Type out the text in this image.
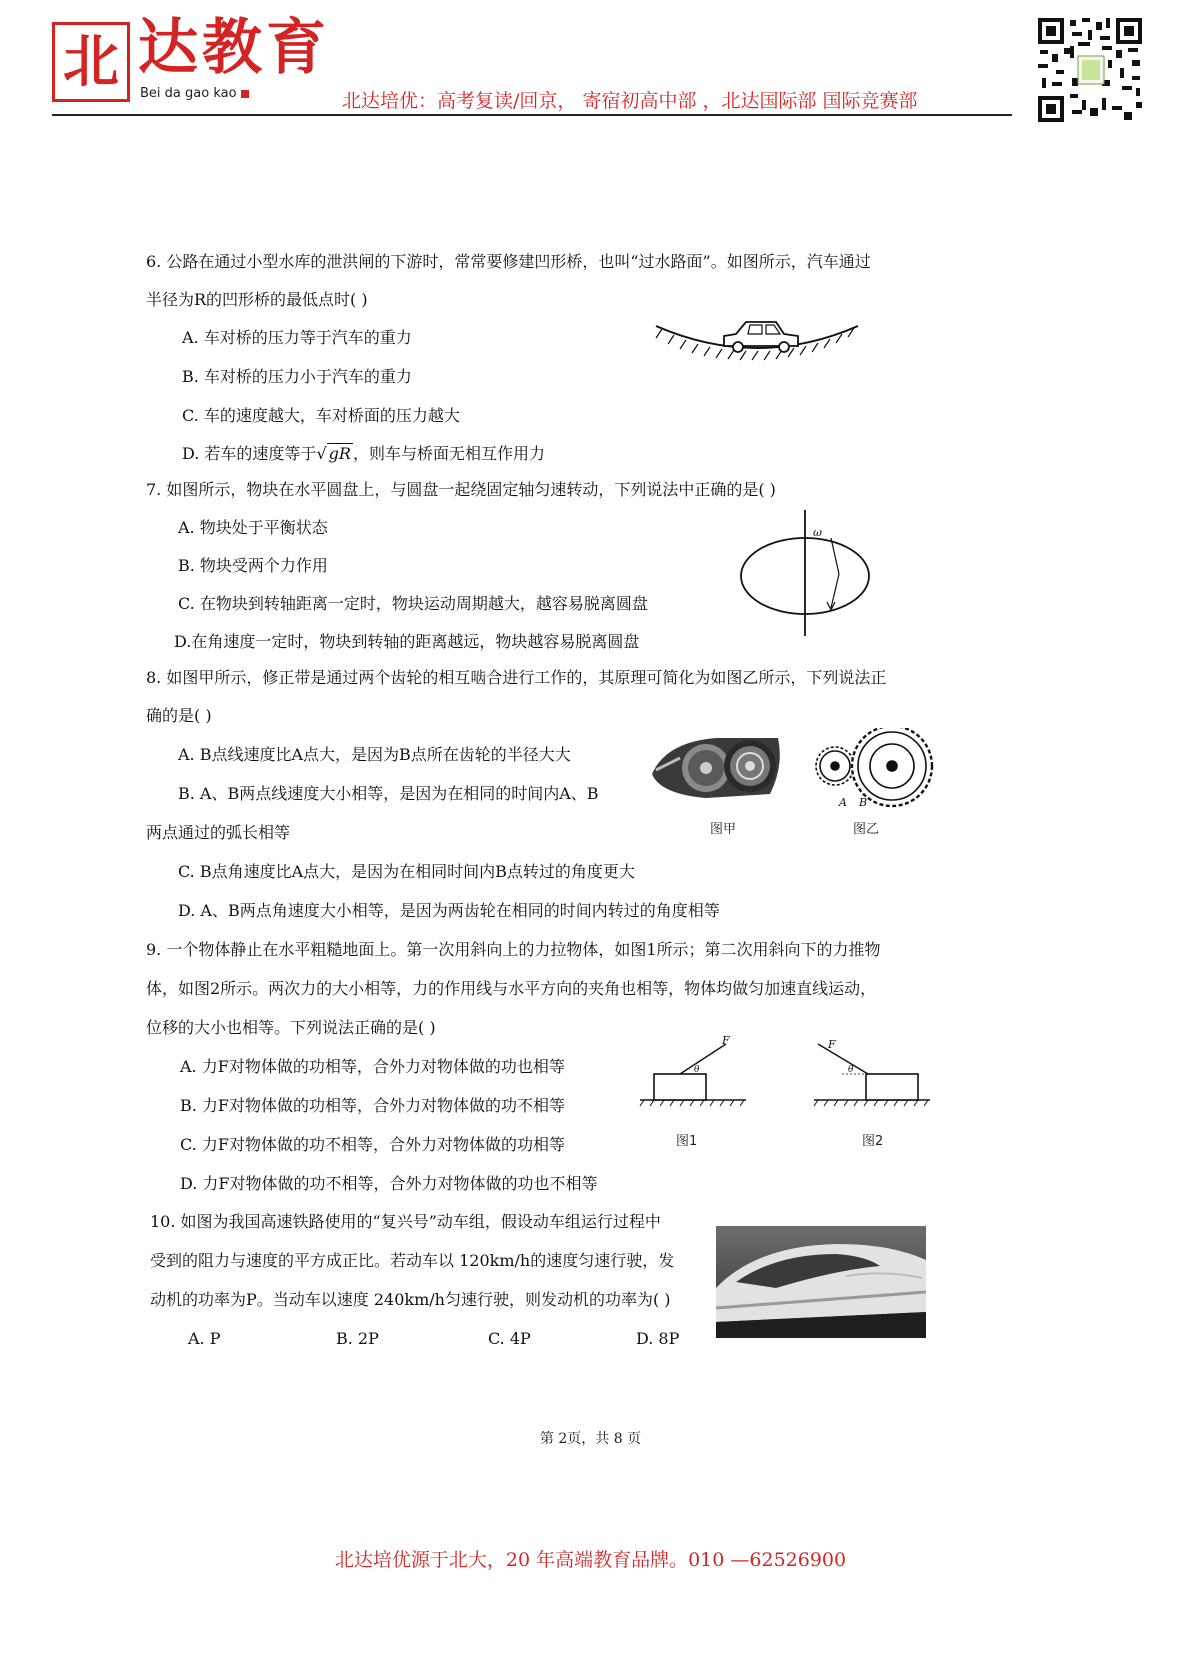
北 达教育
Bei da gao kao	北达培优：高考复读/回京， 寄宿初高中部 ，北达国际部 国际竞赛部
6. 公路在通过小型水库的泄洪闸的下游时，常常要修建凹形桥，也叫“过水路面”。如图所示，汽车通过
半径为R的凹形桥的最低点时( )
A. 车对桥的压力等于汽车的重力
B. 车对桥的压力小于汽车的重力
C. 车的速度越大，车对桥面的压力越大
D. 若车的速度等于√ gR ，则车与桥面无相互作用力
7. 如图所示，物块在水平圆盘上，与圆盘一起绕固定轴匀速转动，下列说法中正确的是( )
A. 物块处于平衡状态
B. 物块受两个力作用
C. 在物块到转轴距离一定时，物块运动周期越大，越容易脱离圆盘
D.在角速度一定时，物块到转轴的距离越远，物块越容易脱离圆盘
ω
8. 如图甲所示，修正带是通过两个齿轮的相互啮合进行工作的，其原理可简化为如图乙所示，下列说法正
确的是( )
A. B点线速度比A点大，是因为B点所在齿轮的半径大大
B. A、B两点线速度大小相等，是因为在相同的时间内A、B
两点通过的弧长相等
C. B点角速度比A点大，是因为在相同时间内B点转过的角度更大
D. A、B两点角速度大小相等，是因为两齿轮在相同的时间内转过的角度相等
图甲
A B
图乙
9. 一个物体静止在水平粗糙地面上。第一次用斜向上的力拉物体，如图1所示；第二次用斜向下的力推物
体，如图2所示。两次力的大小相等，力的作用线与水平方向的夹角也相等，物体均做匀加速直线运动，
位移的大小也相等。下列说法正确的是( )
A. 力F对物体做的功相等，合外力对物体做的功也相等
B. 力F对物体做的功相等，合外力对物体做的功不相等
C. 力F对物体做的功不相等，合外力对物体做的功相等
D. 力F对物体做的功不相等，合外力对物体做的功也不相等
F
θ
图1
F
θ
图2
10. 如图为我国高速铁路使用的“复兴号”动车组，假设动车组运行过程中
受到的阻力与速度的平方成正比。若动车以 120km/h的速度匀速行驶，发
动机的功率为P。当动车以速度 240km/h匀速行驶，则发动机的功率为( )
A. P	B. 2P	C. 4P	D. 8P
第 2页，共 8 页
北达培优源于北大，20 年高端教育品牌。010 —62526900
